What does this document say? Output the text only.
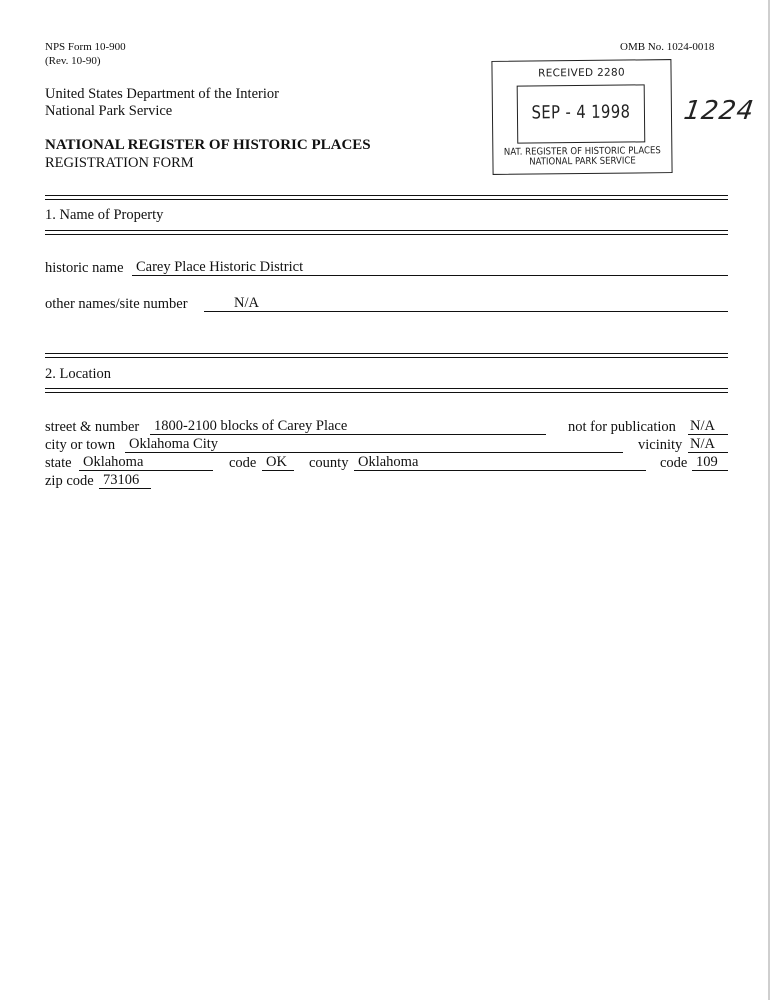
NPS Form 10-900
(Rev. 10-90)
OMB No. 1024-0018
United States Department of the Interior
National Park Service
NATIONAL REGISTER OF HISTORIC PLACES
REGISTRATION FORM
RECEIVED 2280
SEP - 4 1998
NAT. REGISTER OF HISTORIC PLACES
NATIONAL PARK SERVICE
1224
1. Name of Property
historic name Carey Place Historic District
other names/site number	N/A
2. Location
street & number 1800-2100 blocks of Carey Place	not for publication N/A
city or town Oklahoma City	vicinity N/A
state Oklahoma	code OK	county Oklahoma	code 109
zip code 73106
